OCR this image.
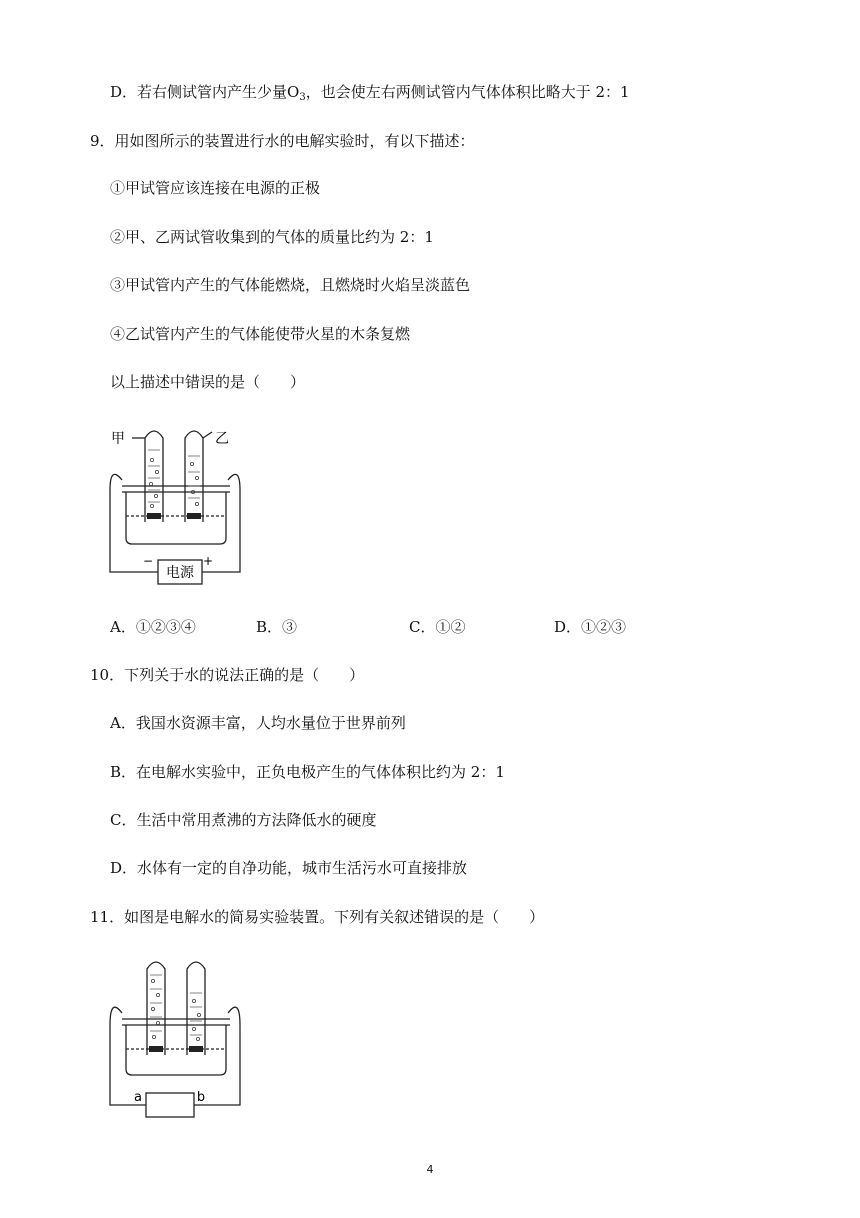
D．若右侧试管内产生少量$O_3$，也会使左右两侧试管内气体体积比略大于 2：1
9．用如图所示的装置进行水的电解实验时，有以下描述：
①甲试管应该连接在电源的正极
②甲、乙两试管收集到的气体的质量比约为 2：1
③甲试管内产生的气体能燃烧，且燃烧时火焰呈淡蓝色
④乙试管内产生的气体能使带火星的木条复燃
以上描述中错误的是（　　）
电源
−	+
甲	乙
A．①②③④	B．③	C．①②	D．①②③
10．下列关于水的说法正确的是（　　）
A．我国水资源丰富，人均水量位于世界前列
B．在电解水实验中，正负电极产生的气体体积比约为 2：1
C．生活中常用煮沸的方法降低水的硬度
D．水体有一定的自净功能，城市生活污水可直接排放
11．如图是电解水的简易实验装置。下列有关叙述错误的是（　　）
a	b
4
